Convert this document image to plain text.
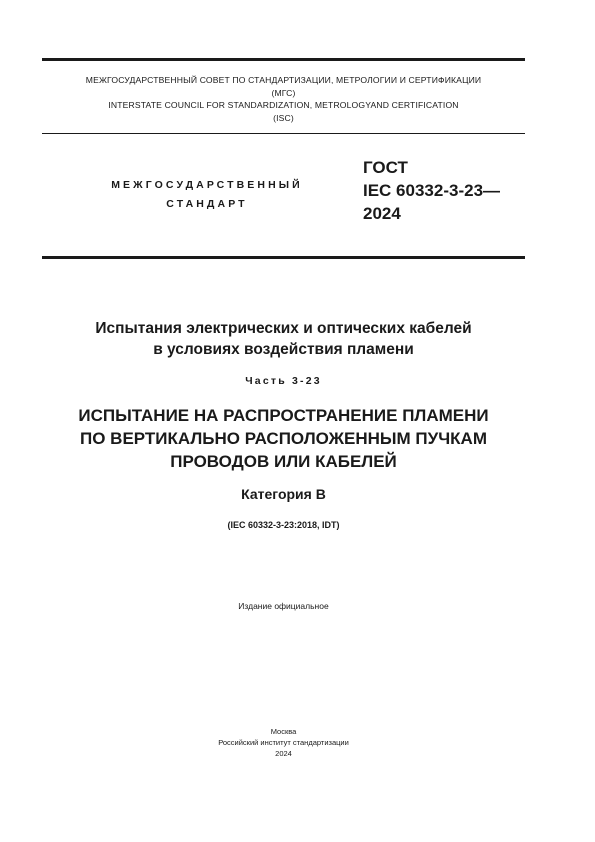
МЕЖГОСУДАРСТВЕННЫЙ СОВЕТ ПО СТАНДАРТИЗАЦИИ, МЕТРОЛОГИИ И СЕРТИФИКАЦИИ
(МГС)
INTERSTATE COUNCIL FOR STANDARDIZATION, METROLOGYAND CERTIFICATION
(ISC)
МЕЖГОСУДАРСТВЕННЫЙ
СТАНДАРТ
ГОСТ
IEC 60332-3-23—
2024
Испытания электрических и оптических кабелей
в условиях воздействия пламени
Часть 3-23
ИСПЫТАНИЕ НА РАСПРОСТРАНЕНИЕ ПЛАМЕНИ
ПО ВЕРТИКАЛЬНО РАСПОЛОЖЕННЫМ ПУЧКАМ
ПРОВОДОВ ИЛИ КАБЕЛЕЙ
Категория В
(IEC 60332-3-23:2018, IDT)
Издание официальное
Москва
Российский институт стандартизации
2024
